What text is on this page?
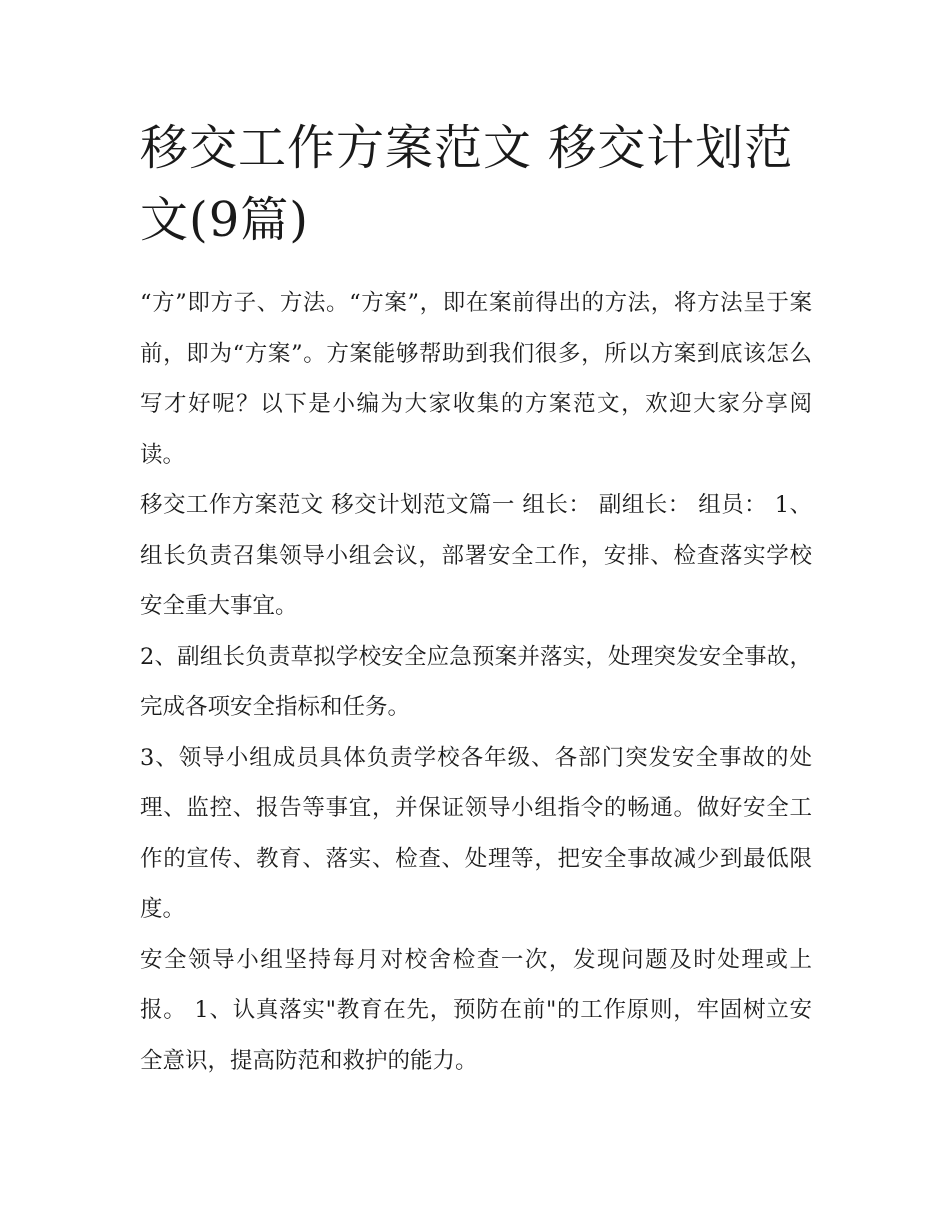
移交工作方案范文 移交计划范文(9篇)

“方”即方子、方法。“方案”，即在案前得出的方法，将方法呈于案前，即为“方案”。方案能够帮助到我们很多，所以方案到底该怎么写才好呢？以下是小编为大家收集的方案范文，欢迎大家分享阅读。

移交工作方案范文 移交计划范文篇一 组长： 副组长： 组员： 1、组长负责召集领导小组会议，部署安全工作，安排、检查落实学校安全重大事宜。

2、副组长负责草拟学校安全应急预案并落实，处理突发安全事故，完成各项安全指标和任务。

3、领导小组成员具体负责学校各年级、各部门突发安全事故的处理、监控、报告等事宜，并保证领导小组指令的畅通。做好安全工作的宣传、教育、落实、检查、处理等，把安全事故减少到最低限度。

安全领导小组坚持每月对校舍检查一次，发现问题及时处理或上报。 1、认真落实"教育在先，预防在前"的工作原则，牢固树立安全意识，提高防范和救护的能力。
